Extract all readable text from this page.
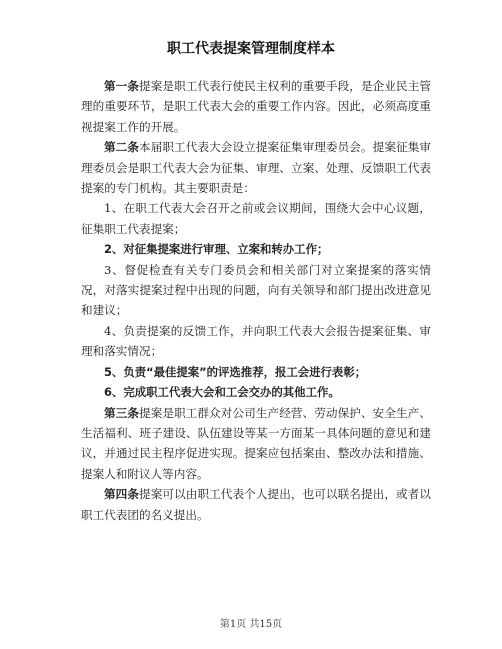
职工代表提案管理制度样本

第一条提案是职工代表行使民主权利的重要手段，是企业民主管理的重要环节，是职工代表大会的重要工作内容。因此，必须高度重视提案工作的开展。

第二条本届职工代表大会设立提案征集审理委员会。提案征集审理委员会是职工代表大会为征集、审理、立案、处理、反馈职工代表提案的专门机构。其主要职责是：

1、在职工代表大会召开之前或会议期间，围绕大会中心议题，征集职工代表提案；

2、对征集提案进行审理、立案和转办工作；

3、督促检查有关专门委员会和相关部门对立案提案的落实情况，对落实提案过程中出现的问题，向有关领导和部门提出改进意见和建议；

4、负责提案的反馈工作，并向职工代表大会报告提案征集、审理和落实情况；

5、负责“最佳提案”的评选推荐，报工会进行表彰；

6、完成职工代表大会和工会交办的其他工作。

第三条提案是职工群众对公司生产经营、劳动保护、安全生产、生活福利、班子建设、队伍建设等某一方面某一具体问题的意见和建议，并通过民主程序促进实现。提案应包括案由、整改办法和措施、提案人和附议人等内容。

第四条提案可以由职工代表个人提出，也可以联名提出，或者以职工代表团的名义提出。

第1页 共15页
